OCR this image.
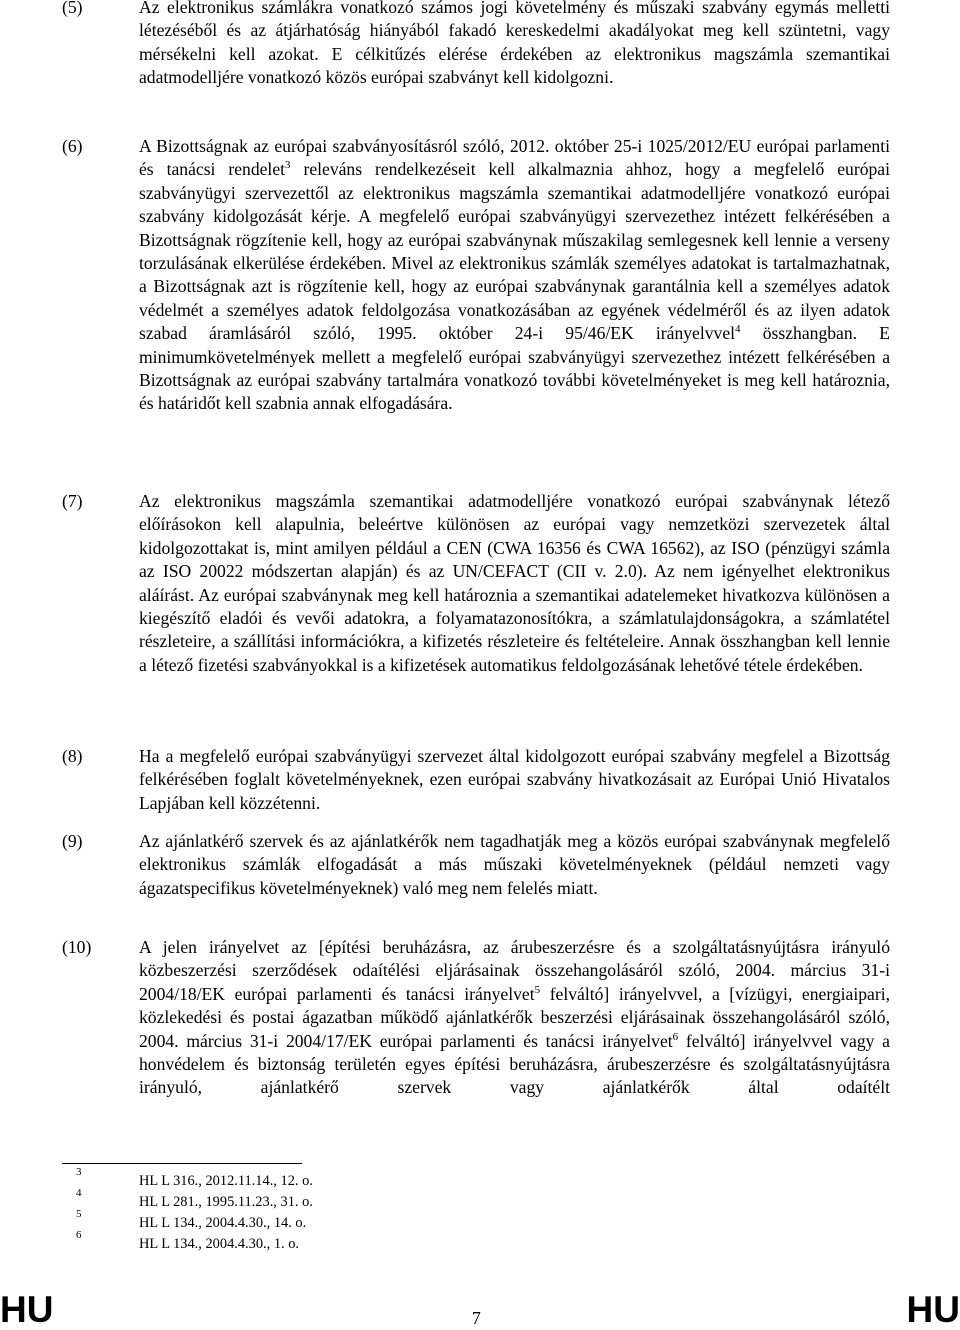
(5)	Az elektronikus számlákra vonatkozó számos jogi követelmény és műszaki szabvány egymás melletti létezéséből és az átjárhatóság hiányából fakadó kereskedelmi akadályokat meg kell szüntetni, vagy mérsékelni kell azokat. E célkitűzés elérése érdekében az elektronikus magszámla szemantikai adatmodelljére vonatkozó közös európai szabványt kell kidolgozni.
(6)	A Bizottságnak az európai szabványosításról szóló, 2012. október 25-i 1025/2012/EU európai parlamenti és tanácsi rendelet$^3$ releváns rendelkezéseit kell alkalmaznia ahhoz, hogy a megfelelő európai szabványügyi szervezettől az elektronikus magszámla szemantikai adatmodelljére vonatkozó európai szabvány kidolgozását kérje. A megfelelő európai szabványügyi szervezethez intézett felkérésében a Bizottságnak rögzítenie kell, hogy az európai szabványnak műszakilag semlegesnek kell lennie a verseny torzulásának elkerülése érdekében. Mivel az elektronikus számlák személyes adatokat is tartalmazhatnak, a Bizottságnak azt is rögzítenie kell, hogy az európai szabványnak garantálnia kell a személyes adatok védelmét a személyes adatok feldolgozása vonatkozásában az egyének védelméről és az ilyen adatok szabad áramlásáról szóló, 1995. október 24-i 95/46/EK irányelvvel$^4$ összhangban. E minimumkövetelmények mellett a megfelelő európai szabványügyi szervezethez intézett felkérésében a Bizottságnak az európai szabvány tartalmára vonatkozó további követelményeket is meg kell határoznia, és határidőt kell szabnia annak elfogadására.
(7)	Az elektronikus magszámla szemantikai adatmodelljére vonatkozó európai szabványnak létező előírásokon kell alapulnia, beleértve különösen az európai vagy nemzetközi szervezetek által kidolgozottakat is, mint amilyen például a CEN (CWA 16356 és CWA 16562), az ISO (pénzügyi számla az ISO 20022 módszertan alapján) és az UN/CEFACT (CII v. 2.0). Az nem igényelhet elektronikus aláírást. Az európai szabványnak meg kell határoznia a szemantikai adatelemeket hivatkozva különösen a kiegészítő eladói és vevői adatokra, a folyamatazonosítókra, a számlatulajdonságokra, a számlatétel részleteire, a szállítási információkra, a kifizetés részleteire és feltételeire. Annak összhangban kell lennie a létező fizetési szabványokkal is a kifizetések automatikus feldolgozásának lehetővé tétele érdekében.
(8)	Ha a megfelelő európai szabványügyi szervezet által kidolgozott európai szabvány megfelel a Bizottság felkérésében foglalt követelményeknek, ezen európai szabvány hivatkozásait az Európai Unió Hivatalos Lapjában kell közzétenni.
(9)	Az ajánlatkérő szervek és az ajánlatkérők nem tagadhatják meg a közös európai szabványnak megfelelő elektronikus számlák elfogadását a más műszaki követelményeknek (például nemzeti vagy ágazatspecifikus követelményeknek) való meg nem felelés miatt.
(10)	A jelen irányelvet az [építési beruházásra, az árubeszerzésre és a szolgáltatásnyújtásra irányuló közbeszerzési szerződések odaítélési eljárásainak összehangolásáról szóló, 2004. március 31-i 2004/18/EK európai parlamenti és tanácsi irányelvet$^5$ felváltó] irányelvvel, a [vízügyi, energiaipari, közlekedési és postai ágazatban működő ajánlatkérők beszerzési eljárásainak összehangolásáról szóló, 2004. március 31-i 2004/17/EK európai parlamenti és tanácsi irányelvet$^6$ felváltó] irányelvvel vagy a honvédelem és biztonság területén egyes építési beruházásra, árubeszerzésre és szolgáltatásnyújtásra irányuló, ajánlatkérő szervek vagy ajánlatkérők által odaítélt
3
HL L 316., 2012.11.14., 12. o.
4
HL L 281., 1995.11.23., 31. o.
5
HL L 134., 2004.4.30., 14. o.
6
HL L 134., 2004.4.30., 1. o.
HU	7	HU
